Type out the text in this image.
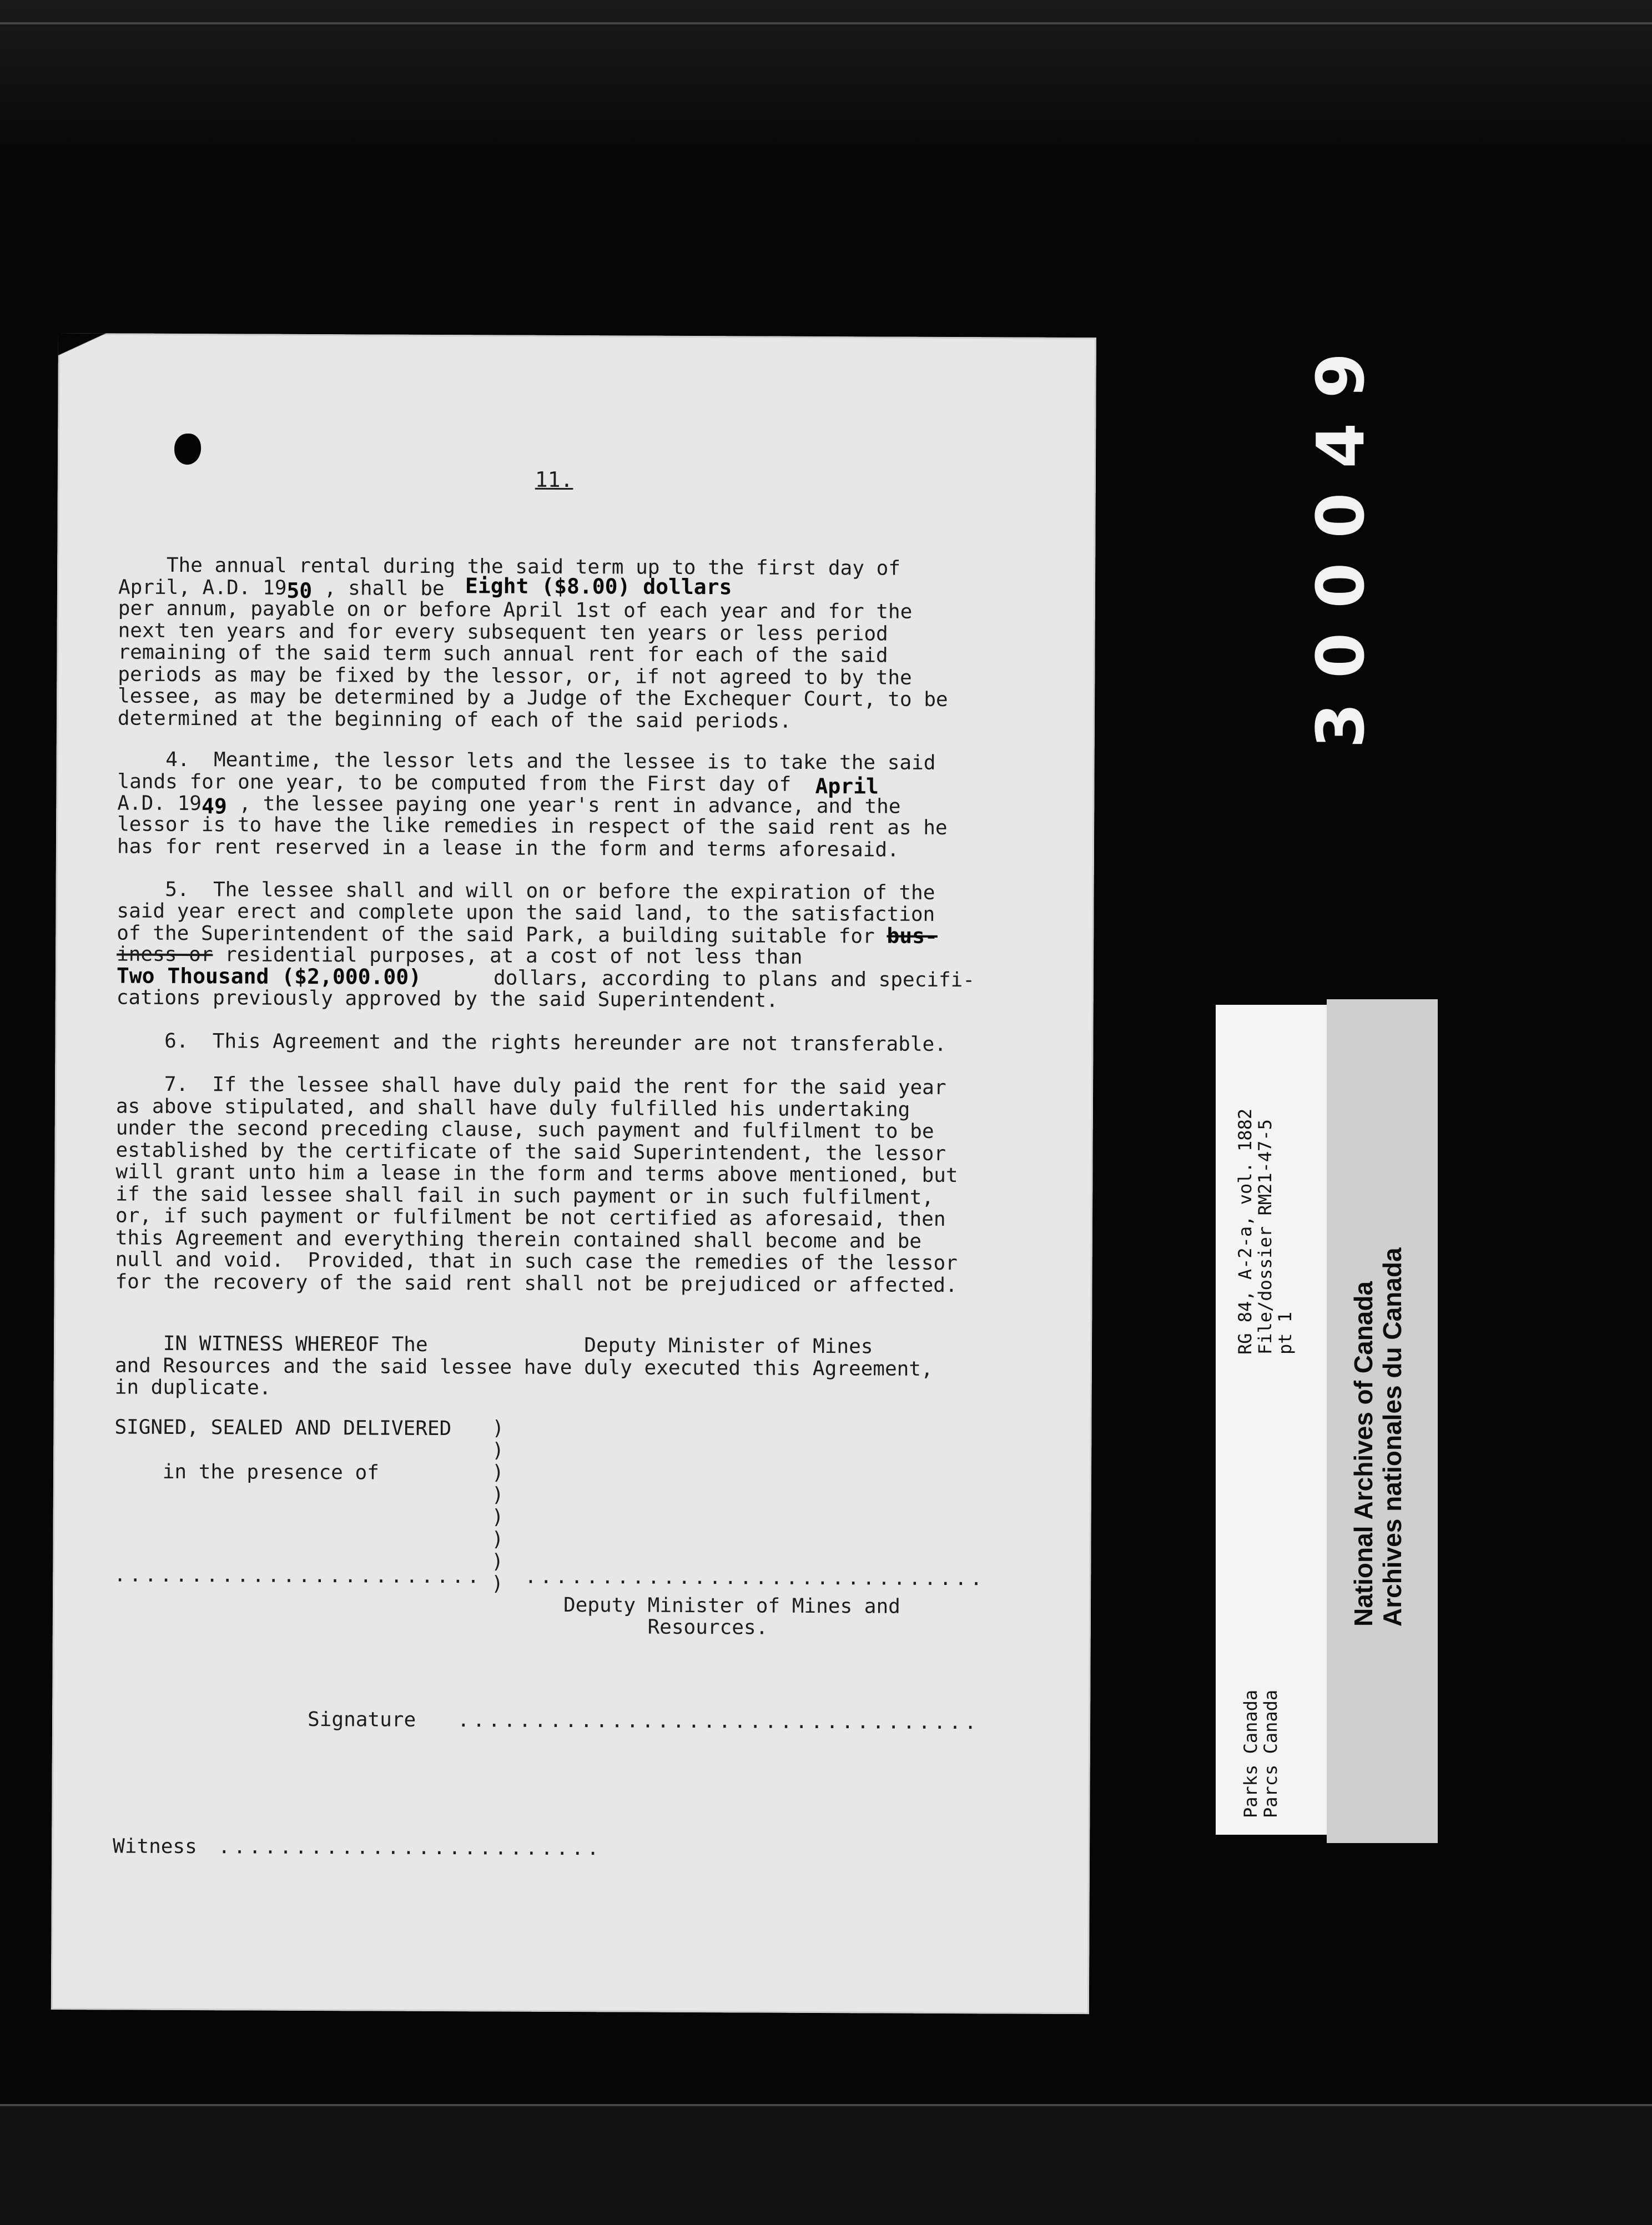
300049
11.
The annual rental during the said term up to the first day of
April, A.D. 1950 , shall be  Eight ($8.00) dollars
per annum, payable on or before April 1st of each year and for the
next ten years and for every subsequent ten years or less period
remaining of the said term such annual rent for each of the said
periods as may be fixed by the lessor, or, if not agreed to by the
lessee, as may be determined by a Judge of the Exchequer Court, to be
determined at the beginning of each of the said periods.
4.  Meantime, the lessor lets and the lessee is to take the said
lands for one year, to be computed from the First day of  April
A.D. 1949 , the lessee paying one year's rent in advance, and the
lessor is to have the like remedies in respect of the said rent as he
has for rent reserved in a lease in the form and terms aforesaid.
5.  The lessee shall and will on or before the expiration of the
said year erect and complete upon the said land, to the satisfaction
of the Superintendent of the said Park, a building suitable for bus-
iness or residential purposes, at a cost of not less than
Two Thousand ($2,000.00)      dollars, according to plans and specifi-
cations previously approved by the said Superintendent.
6.  This Agreement and the rights hereunder are not transferable.
7.  If the lessee shall have duly paid the rent for the said year
as above stipulated, and shall have duly fulfilled his undertaking
under the second preceding clause, such payment and fulfilment to be
established by the certificate of the said Superintendent, the lessor
will grant unto him a lease in the form and terms above mentioned, but
if the said lessee shall fail in such payment or in such fulfilment,
or, if such payment or fulfilment be not certified as aforesaid, then
this Agreement and everything therein contained shall become and be
null and void.  Provided, that in such case the remedies of the lessor
for the recovery of the said rent shall not be prejudiced or affected.
IN WITNESS WHEREOF The             Deputy Minister of Mines
and Resources and the said lessee have duly executed this Agreement,
in duplicate.
SIGNED, SEALED AND DELIVERED
in the presence of
)
)
)
)
)
)
)
)
........................ ..............................
Deputy Minister of Mines and
Resources.
Signature ..................................
Witness .........................
RG 84, A-2-a, vol. 1882
File/dossier RM21-47-5
pt 1
Parks Canada
Parcs Canada
National Archives of Canada
Archives nationales du Canada
